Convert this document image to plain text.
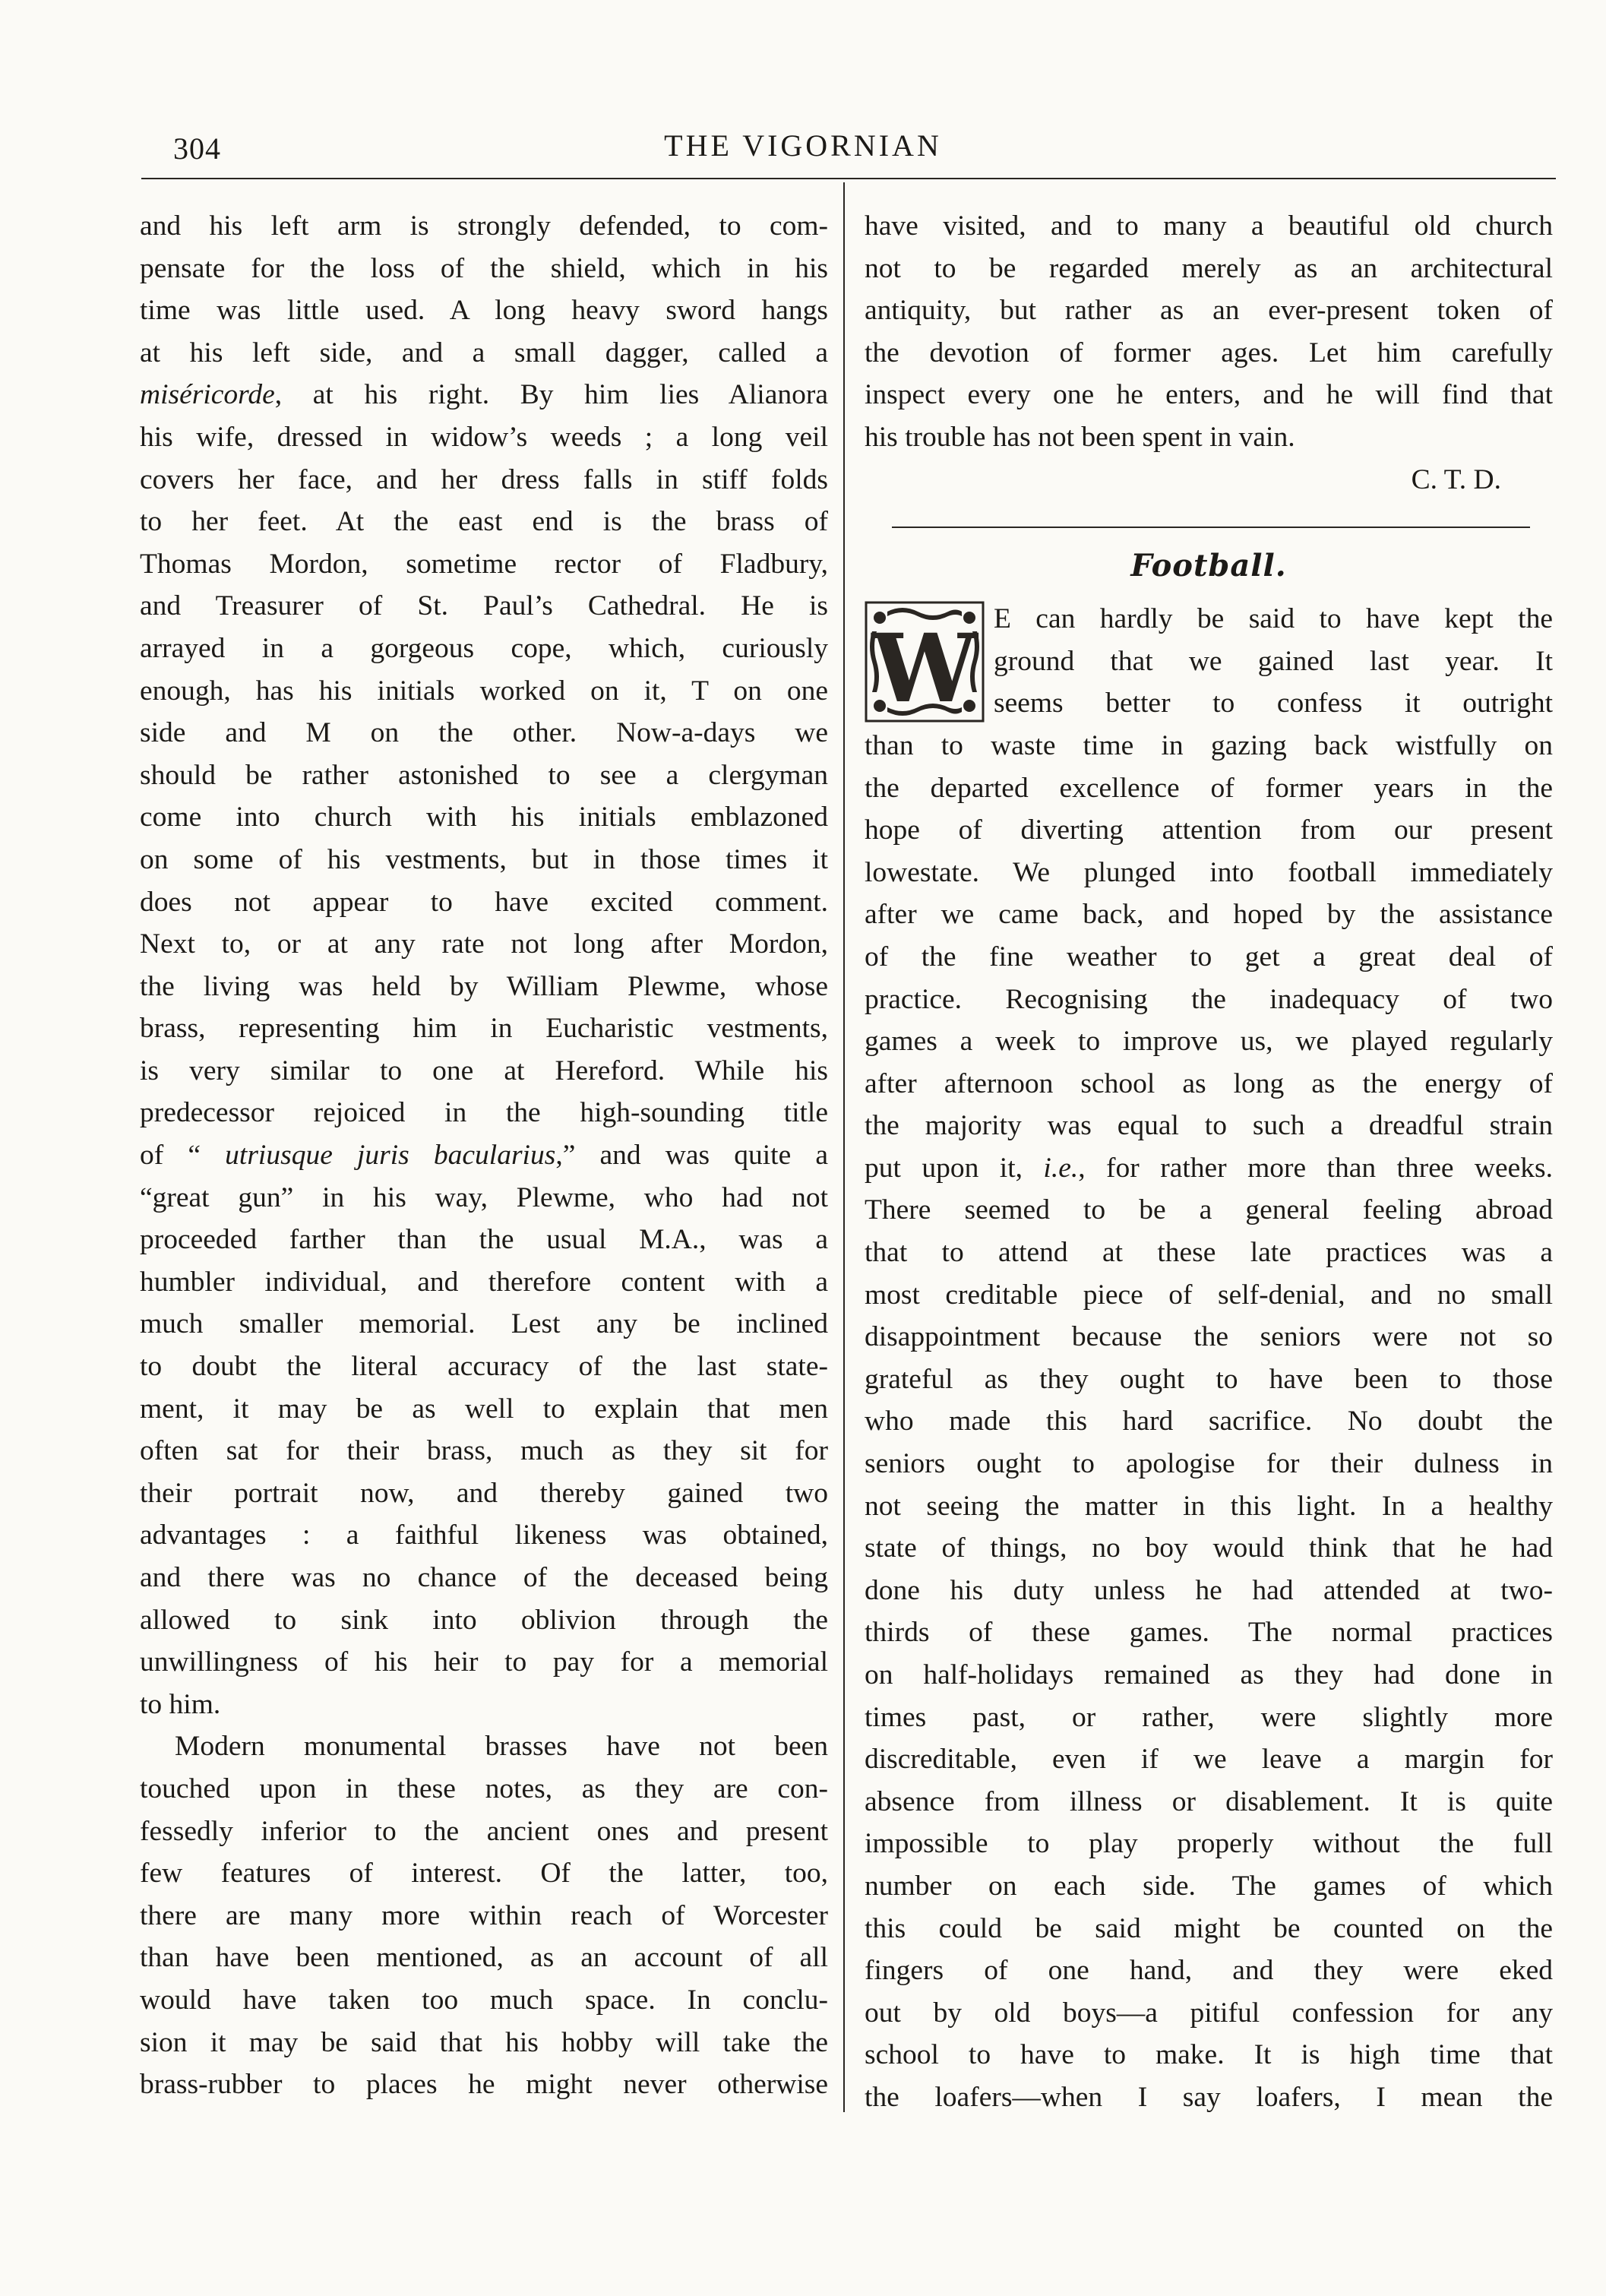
304	THE VIGORNIAN
and his left arm is strongly defended, to com-
pensate for the loss of the shield, which in his
time was little used. A long heavy sword hangs
at his left side, and a small dagger, called a
miséricorde, at his right. By him lies Alianora
his wife, dressed in widow’s weeds ; a long veil
covers her face, and her dress falls in stiff folds
to her feet. At the east end is the brass of
Thomas Mordon, sometime rector of Fladbury,
and Treasurer of St. Paul’s Cathedral. He is
arrayed in a gorgeous cope, which, curiously
enough, has his initials worked on it, T on one
side and M on the other. Now-a-days we
should be rather astonished to see a clergyman
come into church with his initials emblazoned
on some of his vestments, but in those times it
does not appear to have excited comment.
Next to, or at any rate not long after Mordon,
the living was held by William Plewme, whose
brass, representing him in Eucharistic vestments,
is very similar to one at Hereford. While his
predecessor rejoiced in the high-sounding title
of “ utriusque juris bacularius,” and was quite a
“great gun” in his way, Plewme, who had not
proceeded farther than the usual M.A., was a
humbler individual, and therefore content with a
much smaller memorial. Lest any be inclined
to doubt the literal accuracy of the last state-
ment, it may be as well to explain that men
often sat for their brass, much as they sit for
their portrait now, and thereby gained two
advantages : a faithful likeness was obtained,
and there was no chance of the deceased being
allowed to sink into oblivion through the
unwillingness of his heir to pay for a memorial
to him.
Modern monumental brasses have not been
touched upon in these notes, as they are con-
fessedly inferior to the ancient ones and present
few features of interest. Of the latter, too,
there are many more within reach of Worcester
than have been mentioned, as an account of all
would have taken too much space. In conclu-
sion it may be said that his hobby will take the
brass-rubber to places he might never otherwise
have visited, and to many a beautiful old church
not to be regarded merely as an architectural
antiquity, but rather as an ever-present token of
the devotion of former ages. Let him carefully
inspect every one he enters, and he will find that
his trouble has not been spent in vain.
C. T. D.
Football.
W E can hardly be said to have kept the
ground that we gained last year. It
seems better to confess it outright
than to waste time in gazing back wistfully on
the departed excellence of former years in the
hope of diverting attention from our present
lowestate. We plunged into football immediately
after we came back, and hoped by the assistance
of the fine weather to get a great deal of
practice. Recognising the inadequacy of two
games a week to improve us, we played regularly
after afternoon school as long as the energy of
the majority was equal to such a dreadful strain
put upon it, i.e., for rather more than three weeks.
There seemed to be a general feeling abroad
that to attend at these late practices was a
most creditable piece of self-denial, and no small
disappointment because the seniors were not so
grateful as they ought to have been to those
who made this hard sacrifice. No doubt the
seniors ought to apologise for their dulness in
not seeing the matter in this light. In a healthy
state of things, no boy would think that he had
done his duty unless he had attended at two-
thirds of these games. The normal practices
on half-holidays remained as they had done in
times past, or rather, were slightly more
discreditable, even if we leave a margin for
absence from illness or disablement. It is quite
impossible to play properly without the full
number on each side. The games of which
this could be said might be counted on the
fingers of one hand, and they were eked
out by old boys—a pitiful confession for any
school to have to make. It is high time that
the loafers—when I say loafers, I mean the
